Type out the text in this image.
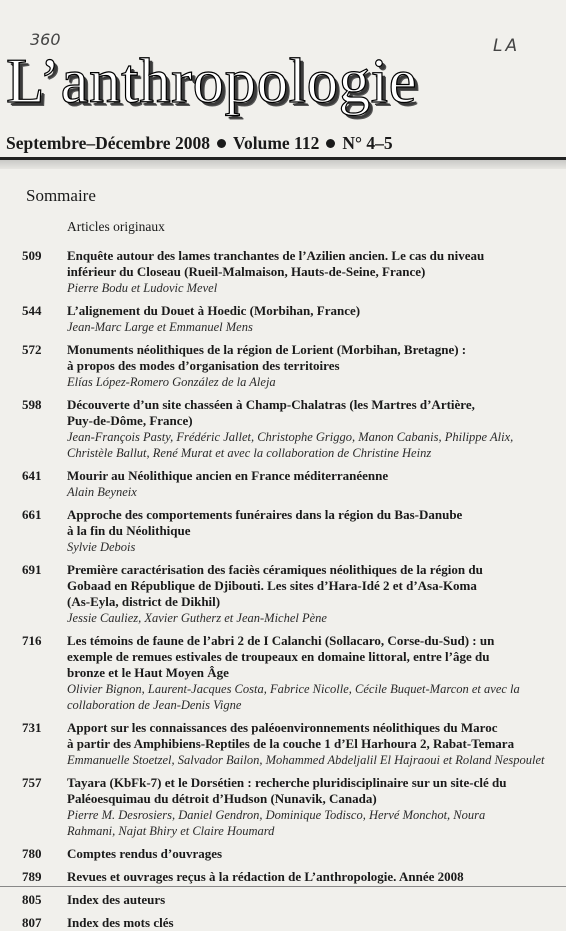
360	LA
L’anthropologie
Septembre–Décembre 2008 Volume 112 N° 4–5
Sommaire
Articles originaux
509	Enquête autour des lames tranchantes de l’Azilien ancien. Le cas du niveau
inférieur du Closeau (Rueil-Malmaison, Hauts-de-Seine, France)
Pierre Bodu et Ludovic Mevel
544	L’alignement du Douet à Hoedic (Morbihan, France)
Jean-Marc Large et Emmanuel Mens
572	Monuments néolithiques de la région de Lorient (Morbihan, Bretagne) :
à propos des modes d’organisation des territoires
Elías López-Romero González de la Aleja
598	Découverte d’un site chasséen à Champ-Chalatras (les Martres d’Artière,
Puy-de-Dôme, France)
Jean-François Pasty, Frédéric Jallet, Christophe Griggo, Manon Cabanis, Philippe Alix,
Christèle Ballut, René Murat et avec la collaboration de Christine Heinz
641	Mourir au Néolithique ancien en France méditerranéenne
Alain Beyneix
661	Approche des comportements funéraires dans la région du Bas-Danube
à la fin du Néolithique
Sylvie Debois
691	Première caractérisation des faciès céramiques néolithiques de la région du
Gobaad en République de Djibouti. Les sites d’Hara-Idé 2 et d’Asa-Koma
(As-Eyla, district de Dikhil)
Jessie Cauliez, Xavier Gutherz et Jean-Michel Pène
716	Les témoins de faune de l’abri 2 de I Calanchi (Sollacaro, Corse-du-Sud) : un
exemple de remues estivales de troupeaux en domaine littoral, entre l’âge du
bronze et le Haut Moyen Âge
Olivier Bignon, Laurent-Jacques Costa, Fabrice Nicolle, Cécile Buquet-Marcon et avec la
collaboration de Jean-Denis Vigne
731	Apport sur les connaissances des paléoenvironnements néolithiques du Maroc
à partir des Amphibiens-Reptiles de la couche 1 d’El Harhoura 2, Rabat-Temara
Emmanuelle Stoetzel, Salvador Bailon, Mohammed Abdeljalil El Hajraoui et Roland Nespoulet
757	Tayara (KbFk-7) et le Dorsétien : recherche pluridisciplinaire sur un site-clé du
Paléoesquimau du détroit d’Hudson (Nunavik, Canada)
Pierre M. Desrosiers, Daniel Gendron, Dominique Todisco, Hervé Monchot, Noura
Rahmani, Najat Bhiry et Claire Houmard
780	Comptes rendus d’ouvrages
789	Revues et ouvrages reçus à la rédaction de L’anthropologie. Année 2008
805	Index des auteurs
807	Index des mots clés
